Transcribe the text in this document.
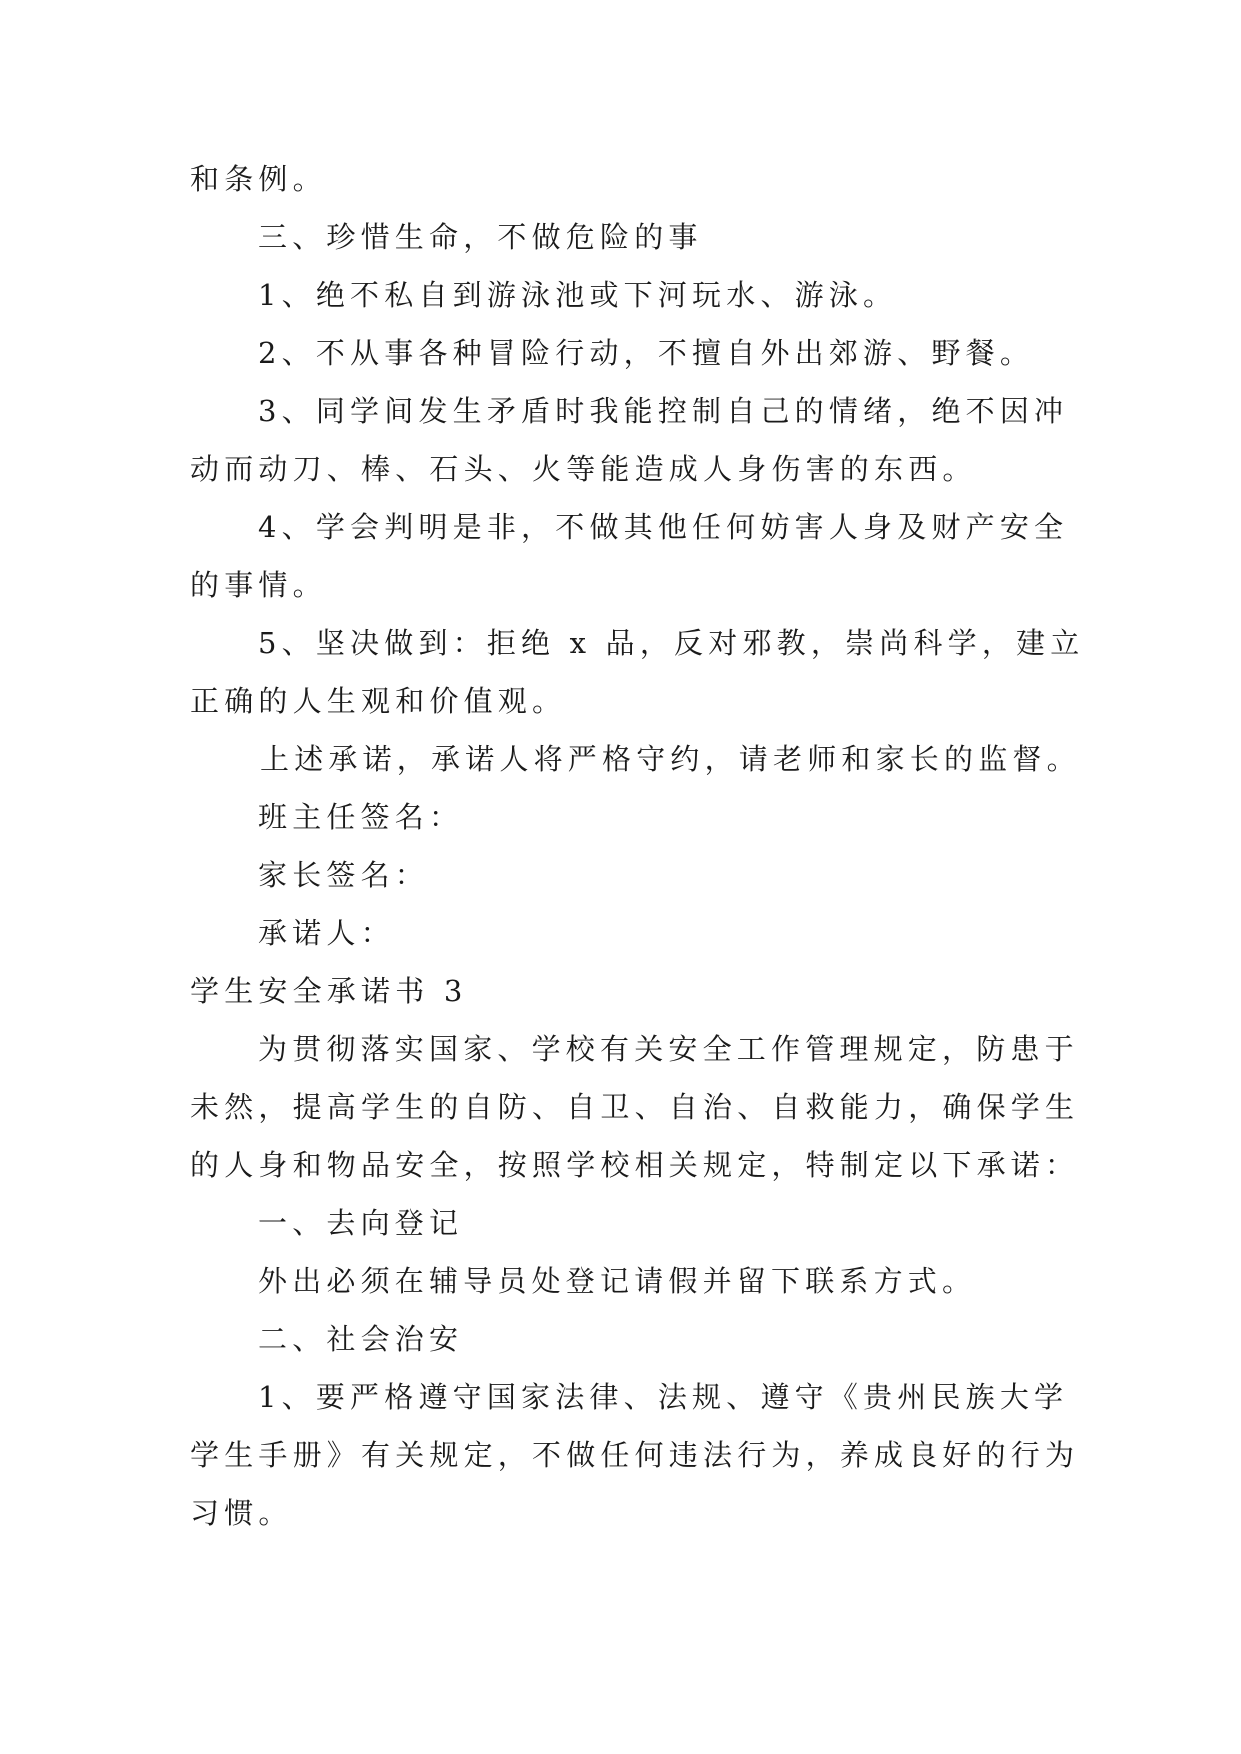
和条例。

三、珍惜生命，不做危险的事

1、绝不私自到游泳池或下河玩水、游泳。

2、不从事各种冒险行动，不擅自外出郊游、野餐。

3、同学间发生矛盾时我能控制自己的情绪，绝不因冲

动而动刀、棒、石头、火等能造成人身伤害的东西。

4、学会判明是非，不做其他任何妨害人身及财产安全

的事情。

5、坚决做到：拒绝 x 品，反对邪教，崇尚科学，建立

正确的人生观和价值观。

上述承诺，承诺人将严格守约，请老师和家长的监督。

班主任签名：

家长签名：

承诺人：

学生安全承诺书 3

为贯彻落实国家、学校有关安全工作管理规定，防患于

未然，提高学生的自防、自卫、自治、自救能力，确保学生

的人身和物品安全，按照学校相关规定，特制定以下承诺：

一、去向登记

外出必须在辅导员处登记请假并留下联系方式。

二、社会治安

1、要严格遵守国家法律、法规、遵守《贵州民族大学

学生手册》有关规定，不做任何违法行为，养成良好的行为

习惯。
